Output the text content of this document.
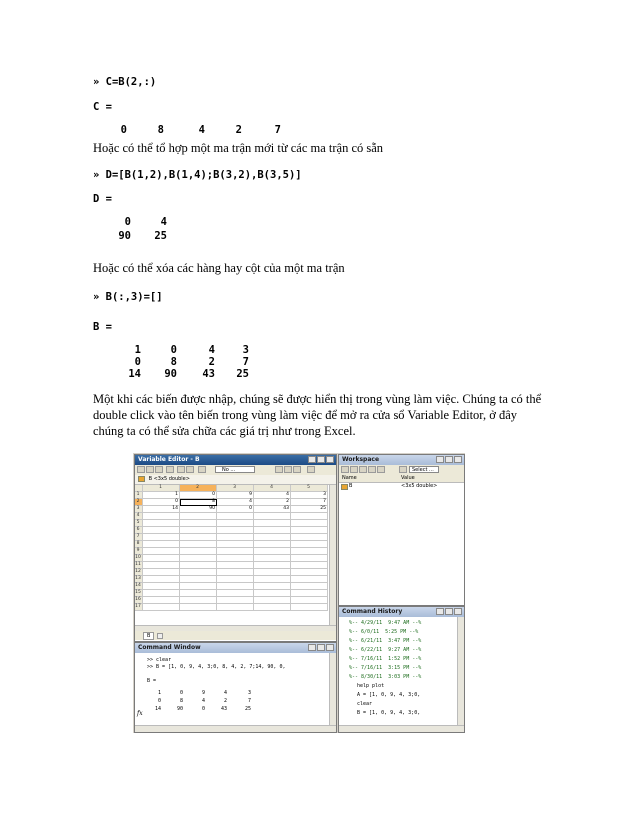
» C=B(2,:)
C =
0	8	4	2	7
Hoặc có thể tổ hợp một ma trận mới từ các ma trận có sẵn
» D=[B(1,2),B(1,4);B(3,2),B(3,5)]
D =
0	4
90	25
Hoặc có thể xóa các hàng hay cột của một ma trận
» B(:,3)=[]
B =
1	0	4	3
0	8	2	7
14	90	43	25
Một khi các biến được nhập, chúng sẽ được hiển thị trong vùng làm việc. Chúng ta có thể
double click vào tên biến trong vùng làm việc để mở ra cửa sổ Variable Editor, ở đây
chúng ta có thể sửa chữa các giá trị như trong Excel.
Variable Editor - B
No ...
B <3x5 double>
1	2	3	4	5
1	1	0	9	4	3
2	0	8	4	2	7
3	14	90	0	43	25
4
5
6
7
8
9
10
11
12
13
14
15
16
17
B
Command Window
>> clear
>> B = [1, 0, 9, 4, 3;0, 8, 4, 2, 7;14, 90, 0,
B =
1	0	9	4	3
0	8	4	2	7
14	90	0	43	25
fx
Workspace
Select ...
Name	Value
B	<3x5 double>
Command History
%-- 4/29/11  9:47 AM --%
%-- 6/0/11  5:25 PM --%
%-- 6/21/11  3:47 PM --%
%-- 6/22/11  9:27 AM --%
%-- 7/16/11  1:52 PM --%
%-- 7/16/11  3:15 PM --%
%-- 8/30/11  3:03 PM --%
help plot
A = [1, 0, 9, 4, 3;0,
clear
B = [1, 0, 9, 4, 3;0,
